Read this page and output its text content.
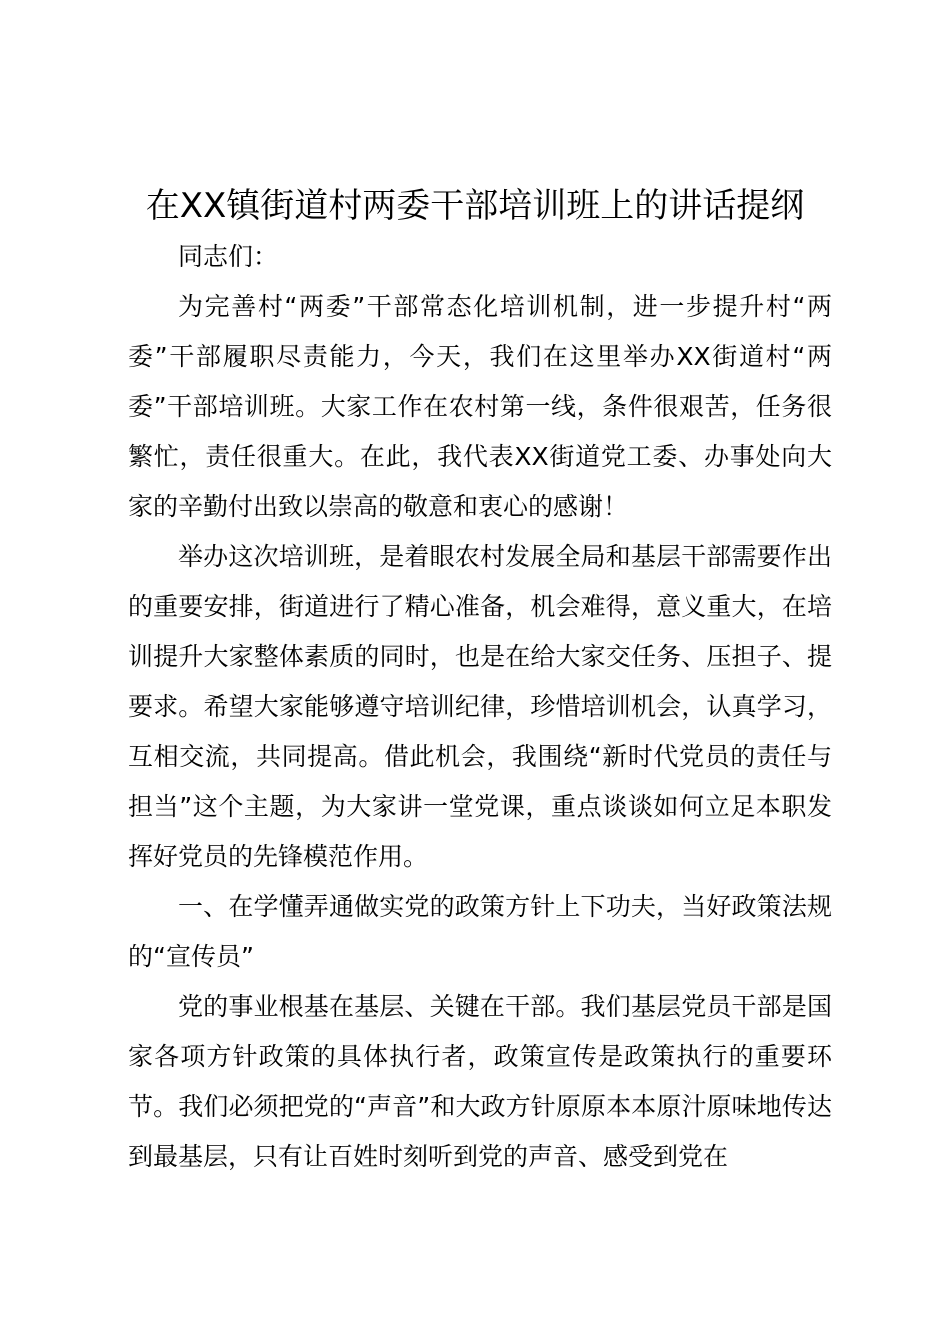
在XX镇街道村两委干部培训班上的讲话提纲

同志们：

为完善村“两委”干部常态化培训机制，进一步提升村“两委”干部履职尽责能力，今天，我们在这里举办XX街道村“两委”干部培训班。大家工作在农村第一线，条件很艰苦，任务很繁忙，责任很重大。在此，我代表XX街道党工委、办事处向大家的辛勤付出致以崇高的敬意和衷心的感谢！

举办这次培训班，是着眼农村发展全局和基层干部需要作出的重要安排，街道进行了精心准备，机会难得，意义重大，在培训提升大家整体素质的同时，也是在给大家交任务、压担子、提要求。希望大家能够遵守培训纪律，珍惜培训机会，认真学习，互相交流，共同提高。借此机会，我围绕“新时代党员的责任与担当”这个主题，为大家讲一堂党课，重点谈谈如何立足本职发挥好党员的先锋模范作用。

一、在学懂弄通做实党的政策方针上下功夫，当好政策法规的“宣传员”

党的事业根基在基层、关键在干部。我们基层党员干部是国家各项方针政策的具体执行者，政策宣传是政策执行的重要环节。我们必须把党的“声音”和大政方针原原本本原汁原味地传达到最基层，只有让百姓时刻听到党的声音、感受到党在
